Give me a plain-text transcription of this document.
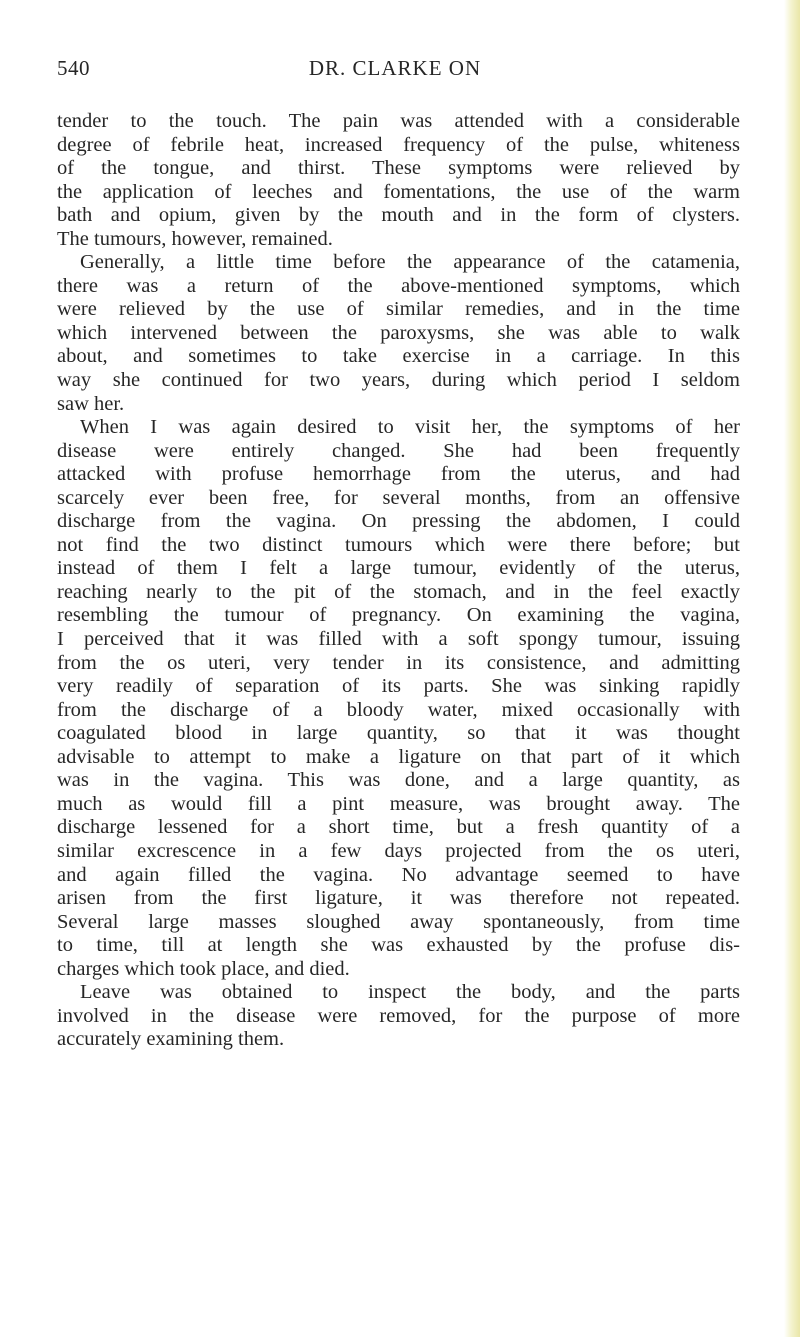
540	DR. CLARKE ON
tender to the touch. The pain was attended with a considerable
degree of febrile heat, increased frequency of the pulse, whiteness
of the tongue, and thirst. These symptoms were relieved by
the application of leeches and fomentations, the use of the warm
bath and opium, given by the mouth and in the form of clysters.
The tumours, however, remained.
Generally, a little time before the appearance of the catamenia,
there was a return of the above-mentioned symptoms, which
were relieved by the use of similar remedies, and in the time
which intervened between the paroxysms, she was able to walk
about, and sometimes to take exercise in a carriage. In this
way she continued for two years, during which period I seldom
saw her.
When I was again desired to visit her, the symptoms of her
disease were entirely changed. She had been frequently
attacked with profuse hemorrhage from the uterus, and had
scarcely ever been free, for several months, from an offensive
discharge from the vagina. On pressing the abdomen, I could
not find the two distinct tumours which were there before; but
instead of them I felt a large tumour, evidently of the uterus,
reaching nearly to the pit of the stomach, and in the feel exactly
resembling the tumour of pregnancy. On examining the vagina,
I perceived that it was filled with a soft spongy tumour, issuing
from the os uteri, very tender in its consistence, and admitting
very readily of separation of its parts. She was sinking rapidly
from the discharge of a bloody water, mixed occasionally with
coagulated blood in large quantity, so that it was thought
advisable to attempt to make a ligature on that part of it which
was in the vagina. This was done, and a large quantity, as
much as would fill a pint measure, was brought away. The
discharge lessened for a short time, but a fresh quantity of a
similar excrescence in a few days projected from the os uteri,
and again filled the vagina. No advantage seemed to have
arisen from the first ligature, it was therefore not repeated.
Several large masses sloughed away spontaneously, from time
to time, till at length she was exhausted by the profuse dis-
charges which took place, and died.
Leave was obtained to inspect the body, and the parts
involved in the disease were removed, for the purpose of more
accurately examining them.
